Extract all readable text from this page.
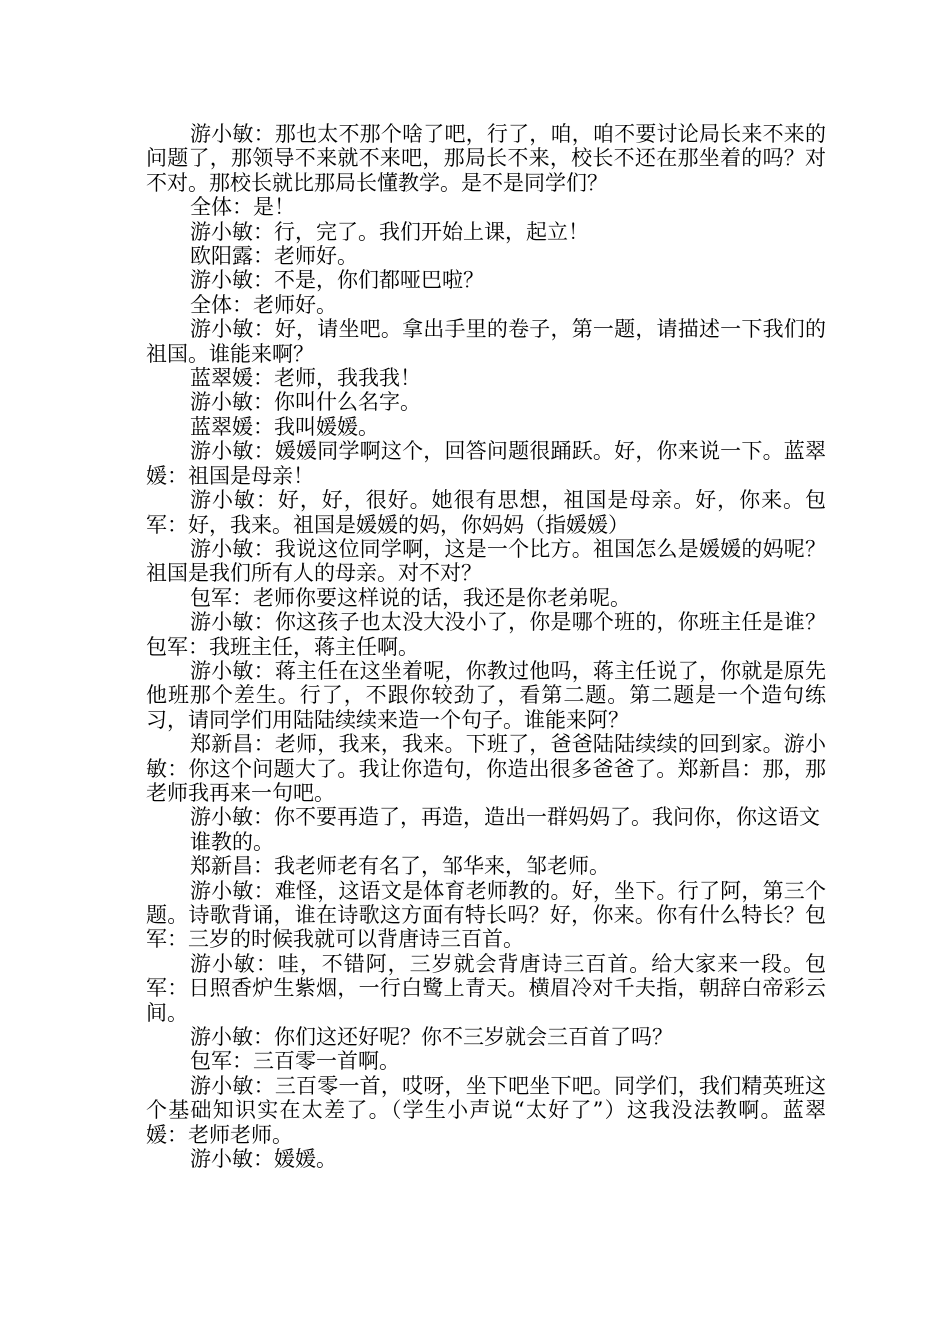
游小敏：那也太不那个啥了吧，行了，咱，咱不要讨论局长来不来的问题了，那领导不来就不来吧，那局长不来，校长不还在那坐着的吗？对不对。那校长就比那局长懂教学。是不是同学们？

全体：是！

游小敏：行，完了。我们开始上课，起立！

欧阳露：老师好。

游小敏：不是，你们都哑巴啦？

全体：老师好。

游小敏：好，请坐吧。拿出手里的卷子，第一题，请描述一下我们的祖国。谁能来啊？

蓝翠媛：老师，我我我！

游小敏：你叫什么名字。

蓝翠媛：我叫媛媛。

游小敏：媛媛同学啊这个，回答问题很踊跃。好，你来说一下。蓝翠媛：祖国是母亲！

游小敏：好，好，很好。她很有思想，祖国是母亲。好，你来。包军：好，我来。祖国是媛媛的妈，你妈妈（指媛媛）

游小敏：我说这位同学啊，这是一个比方。祖国怎么是媛媛的妈呢？祖国是我们所有人的母亲。对不对？

包军：老师你要这样说的话，我还是你老弟呢。

游小敏：你这孩子也太没大没小了，你是哪个班的，你班主任是谁？包军：我班主任，蒋主任啊。

游小敏：蒋主任在这坐着呢，你教过他吗，蒋主任说了，你就是原先他班那个差生。行了，不跟你较劲了，看第二题。第二题是一个造句练习，请同学们用陆陆续续来造一个句子。谁能来阿？

郑新昌：老师，我来，我来。下班了，爸爸陆陆续续的回到家。游小敏：你这个问题大了。我让你造句，你造出很多爸爸了。郑新昌：那，那老师我再来一句吧。

游小敏：你不要再造了，再造，造出一群妈妈了。我问你，你这语文

谁教的。

郑新昌：我老师老有名了，邹华来，邹老师。

游小敏：难怪，这语文是体育老师教的。好，坐下。行了阿，第三个题。诗歌背诵，谁在诗歌这方面有特长吗？好，你来。你有什么特长？包军：三岁的时候我就可以背唐诗三百首。

游小敏：哇，不错阿，三岁就会背唐诗三百首。给大家来一段。包军：日照香炉生紫烟，一行白鹭上青天。横眉冷对千夫指，朝辞白帝彩云间。

游小敏：你们这还好呢？你不三岁就会三百首了吗？

包军：三百零一首啊。

游小敏：三百零一首，哎呀，坐下吧坐下吧。同学们，我们精英班这个基础知识实在太差了。（学生小声说“太好了”）这我没法教啊。蓝翠媛：老师老师。

游小敏：媛媛。
